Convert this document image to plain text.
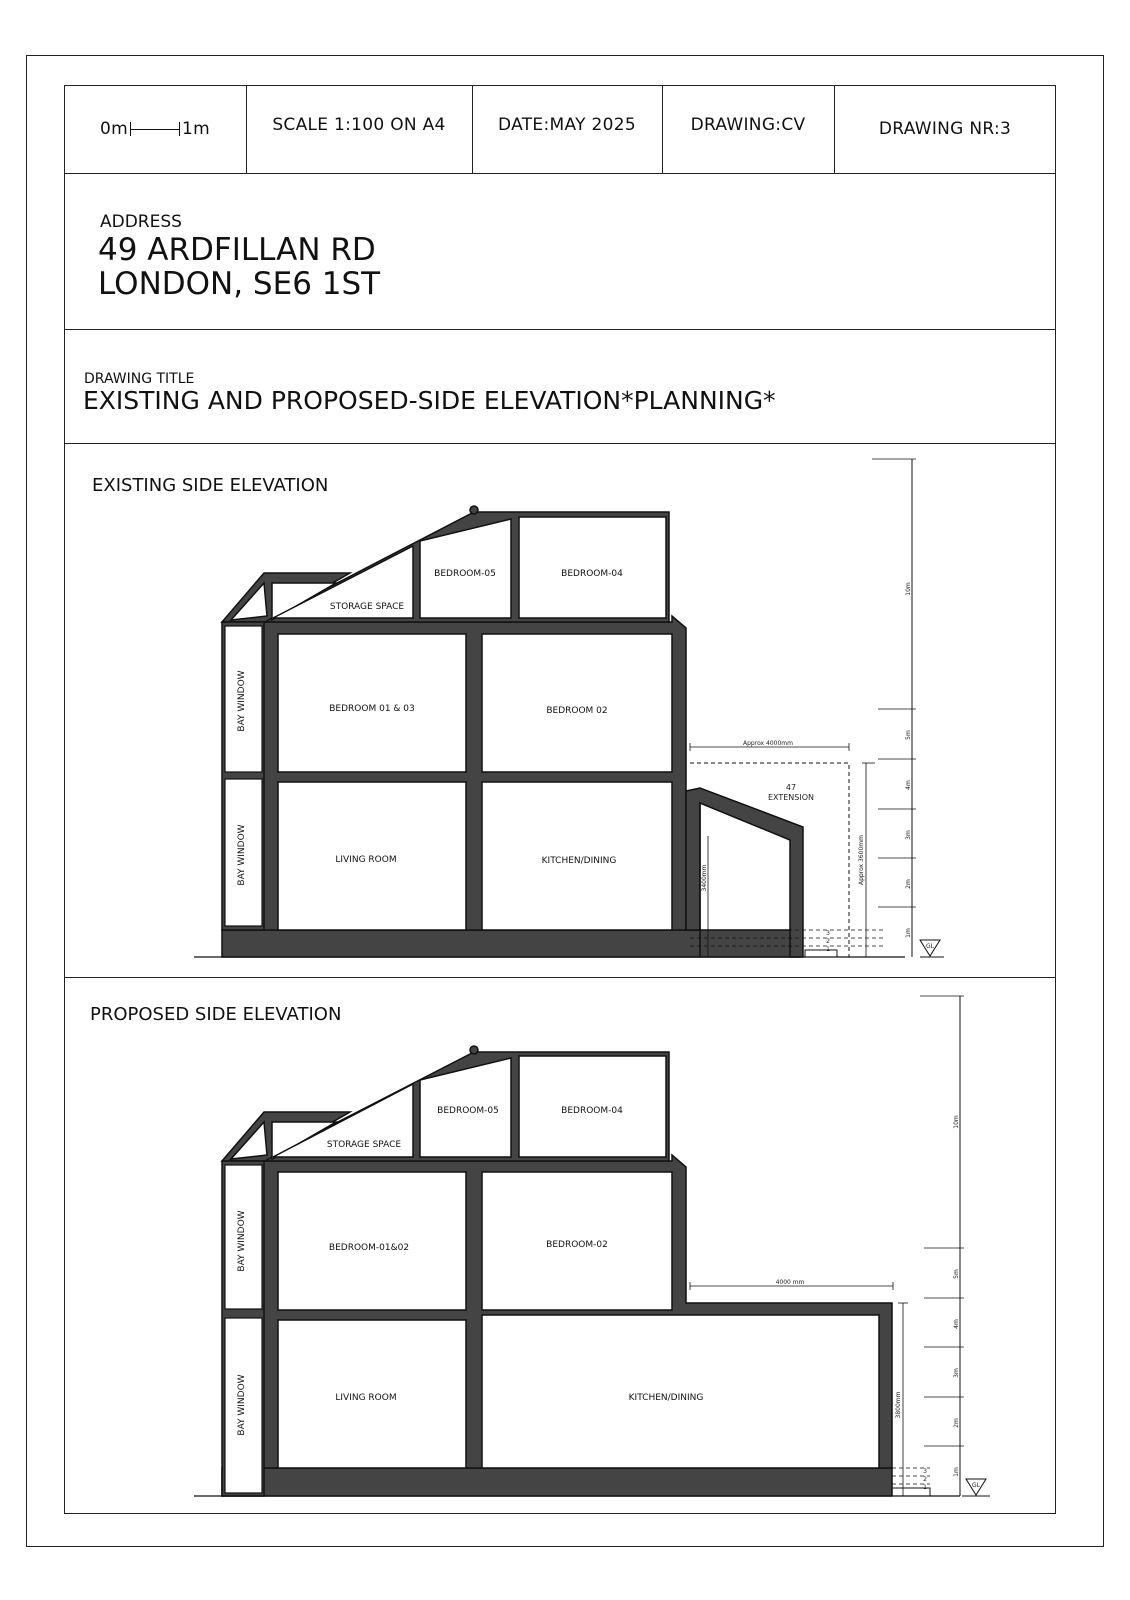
0m	1m	SCALE 1:100 ON A4	DATE:MAY 2025	DRAWING:CV	DRAWING NR:3
ADDRESS
49 ARDFILLAN RD
LONDON, SE6 1ST
DRAWING TITLE
EXISTING AND PROPOSED-SIDE ELEVATION*PLANNING*
EXISTING SIDE ELEVATION
PROPOSED SIDE ELEVATION
STORAGE SPACE
BEDROOM-05	BEDROOM-04
BEDROOM 01 & 03	BEDROOM 02
LIVING ROOM	KITCHEN/DINING
BAY WINDOW
BAY WINDOW
47
EXTENSION
Approx 4000mm
Approx 3600mm
3400mm
10m
5m
4m
3m
2m
1m
3
2
1	GL
STORAGE SPACE
BEDROOM-05	BEDROOM-04
BEDROOM-01&02	BEDROOM-02
LIVING ROOM	KITCHEN/DINING
BAY WINDOW
BAY WINDOW
4000 mm
3800mm
10m
5m
4m
3m
2m
1m
3
2
1	GL
